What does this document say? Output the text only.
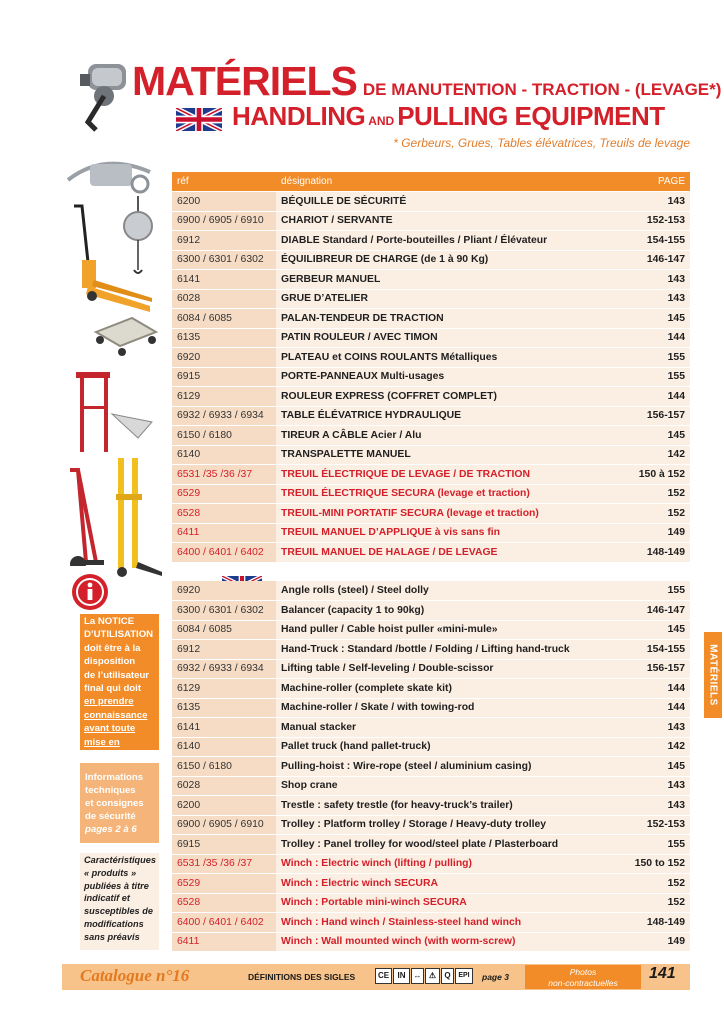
MATÉRIELS DE MANUTENTION - TRACTION - (LEVAGE*)
HANDLING AND PULLING EQUIPMENT
* Gerbeurs, Grues, Tables élévatrices, Treuils de levage
réf	désignation	PAGE
6200	BÉQUILLE DE SÉCURITÉ	143
6900 / 6905 / 6910	CHARIOT / SERVANTE	152-153
6912	DIABLE Standard / Porte-bouteilles / Pliant / Élévateur	154-155
6300 / 6301 / 6302	ÉQUILIBREUR DE CHARGE (de 1 à 90 Kg)	146-147
6141	GERBEUR MANUEL	143
6028	GRUE D’ATELIER	143
6084 / 6085	PALAN-TENDEUR DE TRACTION	145
6135	PATIN ROULEUR / AVEC TIMON	144
6920	PLATEAU et COINS ROULANTS Métalliques	155
6915	PORTE-PANNEAUX Multi-usages	155
6129	ROULEUR EXPRESS (COFFRET COMPLET)	144
6932 / 6933 / 6934	TABLE ÉLÉVATRICE HYDRAULIQUE	156-157
6150 / 6180	TIREUR A CÂBLE Acier / Alu	145
6140	TRANSPALETTE MANUEL	142
6531 /35 /36 /37	TREUIL ÉLECTRIQUE DE LEVAGE / DE TRACTION	150 à 152
6529	TREUIL ÉLECTRIQUE SECURA (levage et traction)	152
6528	TREUIL-MINI PORTATIF SECURA (levage et traction)	152
6411	TREUIL MANUEL D’APPLIQUE à vis sans fin	149
6400 / 6401 / 6402	TREUIL MANUEL DE HALAGE / DE LEVAGE	148-149
6920	Angle rolls (steel) / Steel dolly	155
6300 / 6301 / 6302	Balancer (capacity 1 to 90kg)	146-147
6084 / 6085	Hand puller / Cable hoist puller «mini-mule»	145
6912	Hand-Truck : Standard /bottle / Folding / Lifting hand-truck	154-155
6932 / 6933 / 6934	Lifting table / Self-leveling / Double-scissor	156-157
6129	Machine-roller (complete skate kit)	144
6135	Machine-roller / Skate / with towing-rod	144
6141	Manual stacker	143
6140	Pallet truck (hand pallet-truck)	142
6150 / 6180	Pulling-hoist : Wire-rope (steel / aluminium casing)	145
6028	Shop crane	143
6200	Trestle : safety trestle (for heavy-truck’s trailer)	143
6900 / 6905 / 6910	Trolley : Platform trolley / Storage / Heavy-duty trolley	152-153
6915	Trolley : Panel trolley for wood/steel plate / Plasterboard	155
6531 /35 /36 /37	Winch : Electric winch (lifting / pulling)	150 to 152
6529	Winch : Electric winch SECURA	152
6528	Winch : Portable mini-winch SECURA	152
6400 / 6401 / 6402	Winch : Hand winch / Stainless-steel hand winch	148-149
6411	Winch : Wall mounted winch (with worm-screw)	149
La NOTICE
D’UTILISATION
doit être à la
disposition
de l’utilisateur
final qui doit
en prendre
connaissance
avant toute
mise en service !
Informations
techniques
et consignes
de sécurité
pages 2 à 6
Caractéristiques
« produits »
publiées à titre
indicatif et
susceptibles de
modifications
sans préavis
MATÉRIELS
Catalogue n°16	DÉFINITIONS DES SIGLES	CE	IN	↔ ⚠	Q	EPI	page 3	Photos
non-contractuelles
141
